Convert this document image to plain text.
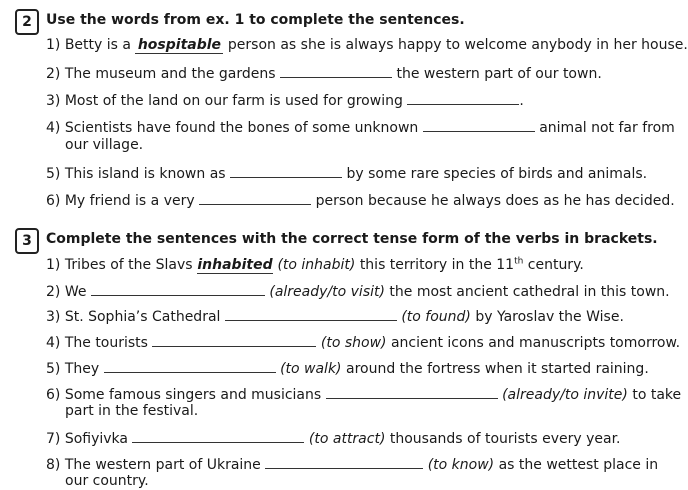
2	Use the words from ex. 1 to complete the sentences.
1) Betty is a hospitable person as she is always happy to welcome anybody in her house.
2) The museum and the gardens	the western part of our town.
3) Most of the land on our farm is used for growing	.
4) Scientists have found the bones of some unknown	animal not far from
our village.
5) This island is known as	by some rare species of birds and animals.
6) My friend is a very	person because he always does as he has decided.
3	Complete the sentences with the correct tense form of the verbs in brackets.
1) Tribes of the Slavs inhabited (to inhabit) this territory in the 11th century.
2) We	(already/to visit) the most ancient cathedral in this town.
3) St. Sophia’s Cathedral	(to found) by Yaroslav the Wise.
4) The tourists	(to show) ancient icons and manuscripts tomorrow.
5) They	(to walk) around the fortress when it started raining.
6) Some famous singers and musicians	(already/to invite) to take
part in the festival.
7) Sofiyivka	(to attract) thousands of tourists every year.
8) The western part of Ukraine	(to know) as the wettest place in
our country.
